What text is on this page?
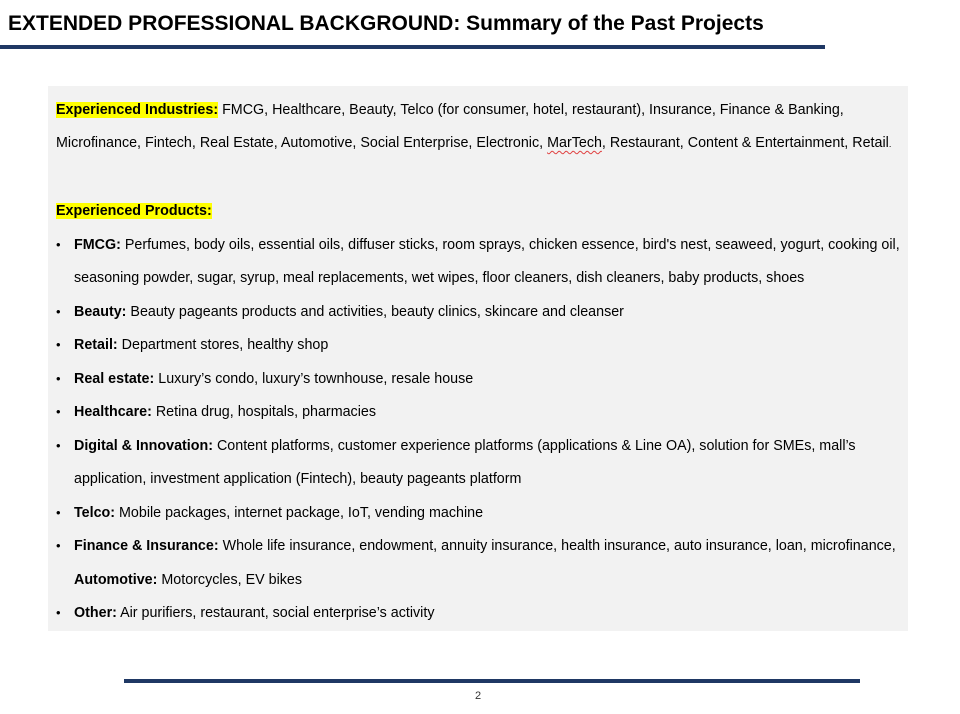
EXTENDED PROFESSIONAL BACKGROUND: Summary of the Past Projects
Experienced Industries: FMCG, Healthcare, Beauty, Telco (for consumer, hotel, restaurant), Insurance, Finance & Banking,
Microfinance, Fintech, Real Estate, Automotive, Social Enterprise, Electronic, MarTech, Restaurant, Content & Entertainment, Retail.
Experienced Products:
• FMCG: Perfumes, body oils, essential oils, diffuser sticks, room sprays, chicken essence, bird's nest, seaweed, yogurt, cooking oil,
seasoning powder, sugar, syrup, meal replacements, wet wipes, floor cleaners, dish cleaners, baby products, shoes
• Beauty: Beauty pageants products and activities, beauty clinics, skincare and cleanser
• Retail: Department stores, healthy shop
• Real estate: Luxury’s condo, luxury’s townhouse, resale house
• Healthcare: Retina drug, hospitals, pharmacies
• Digital & Innovation: Content platforms, customer experience platforms (applications & Line OA), solution for SMEs, mall’s
application, investment application (Fintech), beauty pageants platform
• Telco: Mobile packages, internet package, IoT, vending machine
• Finance & Insurance: Whole life insurance, endowment, annuity insurance, health insurance, auto insurance, loan, microfinance,
Automotive: Motorcycles, EV bikes
• Other: Air purifiers, restaurant, social enterprise’s activity
2
